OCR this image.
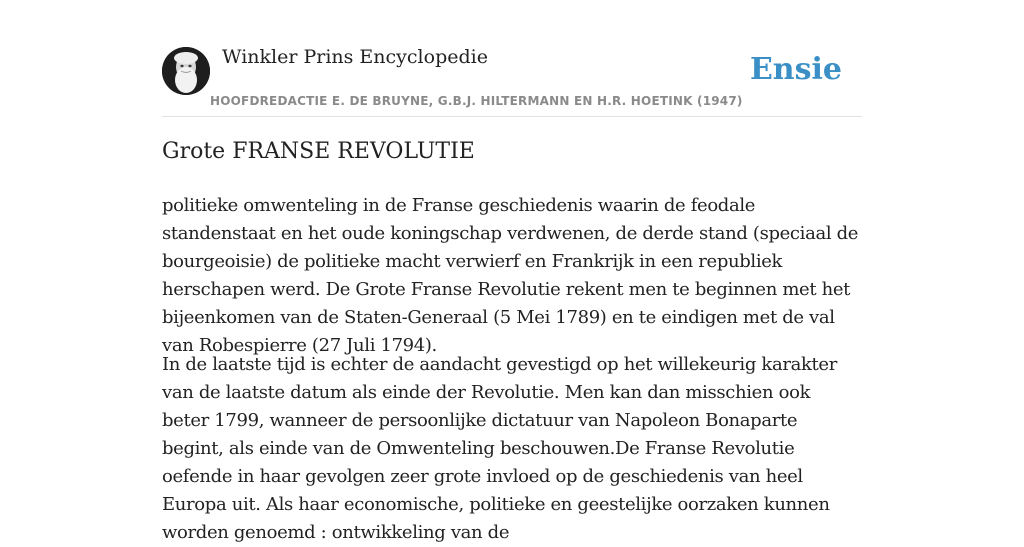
Winkler Prins Encyclopedie
HOOFDREDACTIE E. DE BRUYNE, G.B.J. HILTERMANN EN H.R. HOETINK (1947)
Ensie
Grote FRANSE REVOLUTIE

politieke omwenteling in de Franse geschiedenis waarin de feodale standenstaat en het oude koningschap verdwenen, de derde stand (speciaal de bourgeoisie) de politieke macht verwierf en Frankrijk in een republiek herschapen werd. De Grote Franse Revolutie rekent men te beginnen met het bijeenkomen van de Staten-Generaal (5 Mei 1789) en te eindigen met de val van Robespierre (27 Juli 1794).

In de laatste tijd is echter de aandacht gevestigd op het willekeurig karakter van de laatste datum als einde der Revolutie. Men kan dan misschien ook beter 1799, wanneer de persoonlijke dictatuur van Napoleon Bonaparte begint, als einde van de Omwenteling beschouwen.De Franse Revolutie oefende in haar gevolgen zeer grote invloed op de geschiedenis van heel Europa uit. Als haar economische, politieke en geestelijke oorzaken kunnen worden genoemd : ontwikkeling van de
